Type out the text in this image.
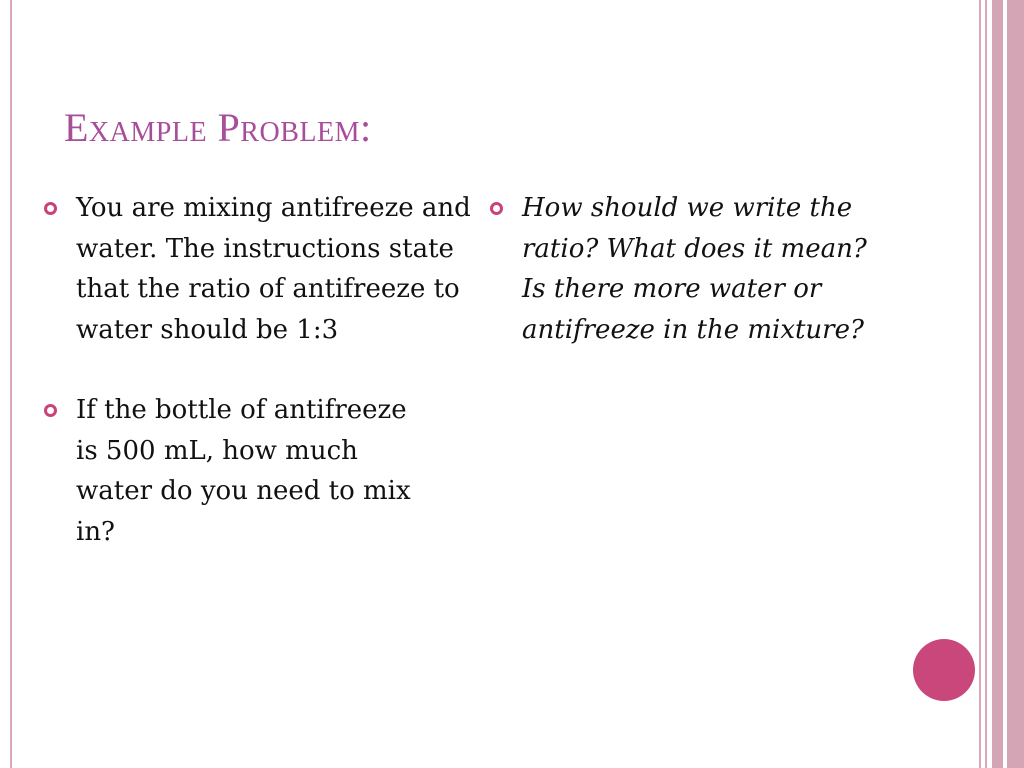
Example Problem:
You are mixing antifreeze and water. The instructions state that the ratio of antifreeze to water should be 1:3
If the bottle of antifreeze is 500 mL, how much water do you need to mix in?
How should we write the ratio? What does it mean? Is there more water or antifreeze in the mixture?
